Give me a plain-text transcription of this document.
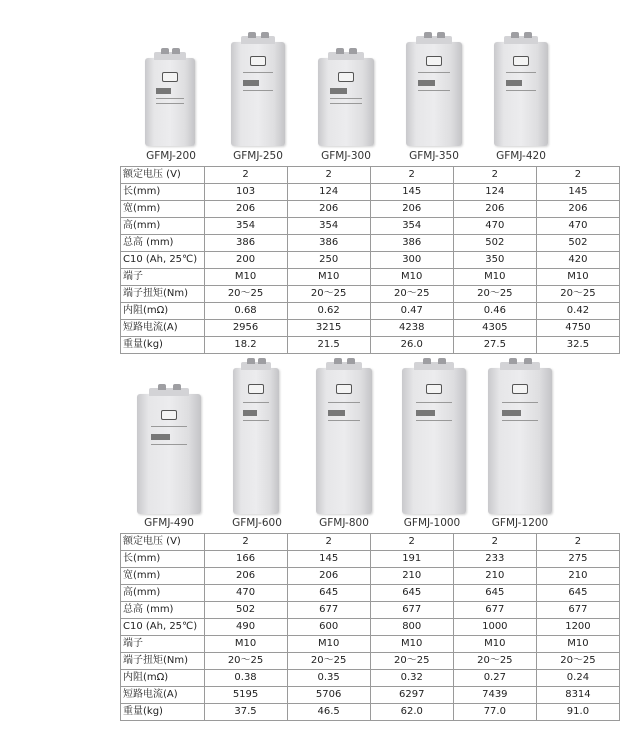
GFMJ-200	GFMJ-250	GFMJ-300	GFMJ-350	GFMJ-420
额定电压 (V)	2	2	2	2	2
长(mm)	103	124	145	124	145
宽(mm)	206	206	206	206	206
高(mm)	354	354	354	470	470
总高 (mm)	386	386	386	502	502
C10 (Ah, 25℃)	200	250	300	350	420
端子	M10	M10	M10	M10	M10
端子扭矩(Nm)	20～25	20～25	20～25	20～25	20～25
内阻(mΩ)	0.68	0.62	0.47	0.46	0.42
短路电流(A)	2956	3215	4238	4305	4750
重量(kg)	18.2	21.5	26.0	27.5	32.5
GFMJ-490	GFMJ-600	GFMJ-800	GFMJ-1000	GFMJ-1200
额定电压 (V)	2	2	2	2	2
长(mm)	166	145	191	233	275
宽(mm)	206	206	210	210	210
高(mm)	470	645	645	645	645
总高 (mm)	502	677	677	677	677
C10 (Ah, 25℃)	490	600	800	1000	1200
端子	M10	M10	M10	M10	M10
端子扭矩(Nm)	20～25	20～25	20～25	20～25	20～25
内阻(mΩ)	0.38	0.35	0.32	0.27	0.24
短路电流(A)	5195	5706	6297	7439	8314
重量(kg)	37.5	46.5	62.0	77.0	91.0
